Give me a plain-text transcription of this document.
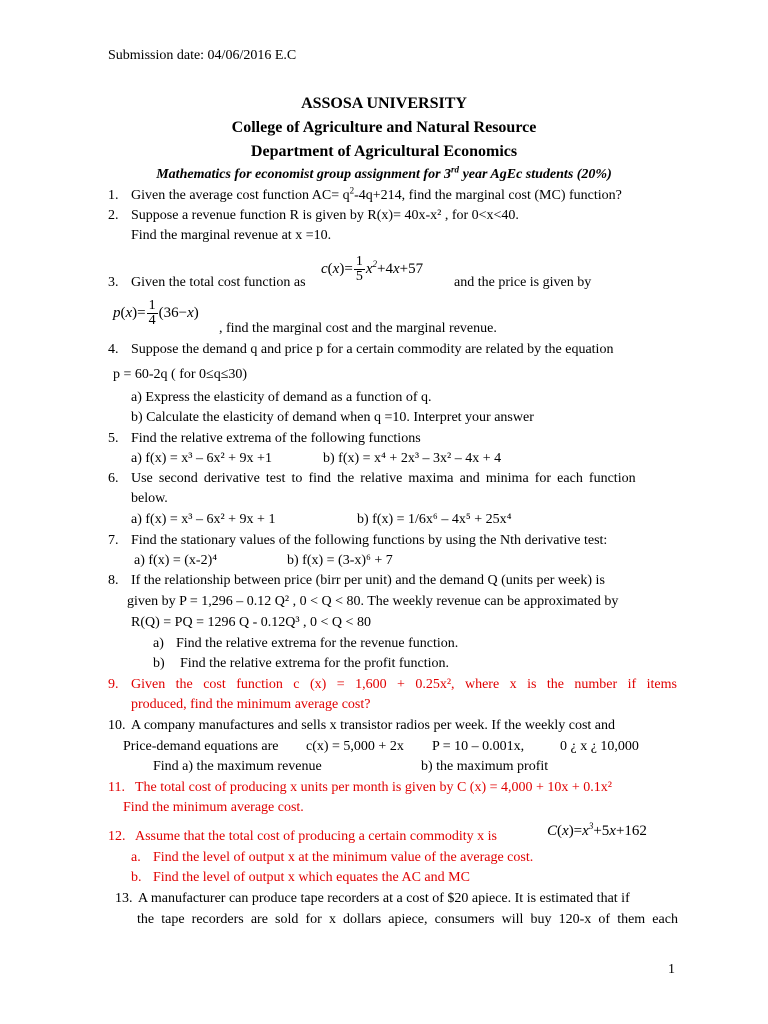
Submission date: 04/06/2016 E.C
ASSOSA UNIVERSITY
College of Agriculture and Natural Resource
Department of Agricultural Economics
Mathematics for economist group assignment for 3rd year AgEc students (20%)
1. Given the average cost function $AC= q^2-4q+214$, find the marginal cost (MC) function?
2. Suppose a revenue function R is given by R(x)= 40x-x² , for 0<x<40.
Find the marginal revenue at x =10.
$c(x)= \frac{1}{5} x^2+4x+57$
3. Given the total cost function as	and the price is given by
$p(x)= \frac{1}{4} (36-x)$
, find the marginal cost and the marginal revenue.
4. Suppose the demand q and price p for a certain commodity are related by the equation
p = 60-2q ( for 0≤q≤30)
a) Express the elasticity of demand as a function of q.
b) Calculate the elasticity of demand when q =10. Interpret your answer
5. Find the relative extrema of the following functions
a) f(x) = x³ – 6x² + 9x +1	b) f(x) = x⁴ + 2x³ – 3x² – 4x + 4
6. Use second derivative test to find the relative maxima and minima for each function
below.
a) f(x) = x³ – 6x² + 9x + 1	b) f(x) = 1/6x⁶ – 4x⁵ + 25x⁴
7. Find the stationary values of the following functions by using the Nth derivative test:
a) f(x) = (x-2)⁴	b) f(x) = (3-x)⁶ + 7
8. If the relationship between price (birr per unit) and the demand Q (units per week) is
given by P = 1,296 – 0.12 Q² , 0 < Q < 80. The weekly revenue can be approximated by
R(Q) = PQ = 1296 Q - 0.12Q³ , 0 < Q < 80
a) Find the relative extrema for the revenue function.
b) Find the relative extrema for the profit function.
9. Given the cost function c (x) = 1,600 + 0.25x², where x is the number if items
produced, find the minimum average cost?
10. A company manufactures and sells x transistor radios per week. If the weekly cost and
Price-demand equations are c(x) = 5,000 + 2x P = 10 – 0.001x,	0 ¿ x ¿ 10,000
Find a) the maximum revenue	b) the maximum profit
11. The total cost of producing x units per month is given by C (x) = 4,000 + 10x + 0.1x²
Find the minimum average cost.
12. Assume that the total cost of producing a certain commodity x is	$C(x)=x^3+5x+162$
a. Find the level of output x at the minimum value of the average cost.
b. Find the level of output x which equates the AC and MC
13. A manufacturer can produce tape recorders at a cost of $20 apiece. It is estimated that if
the tape recorders are sold for x dollars apiece, consumers will buy 120-x of them each
1
